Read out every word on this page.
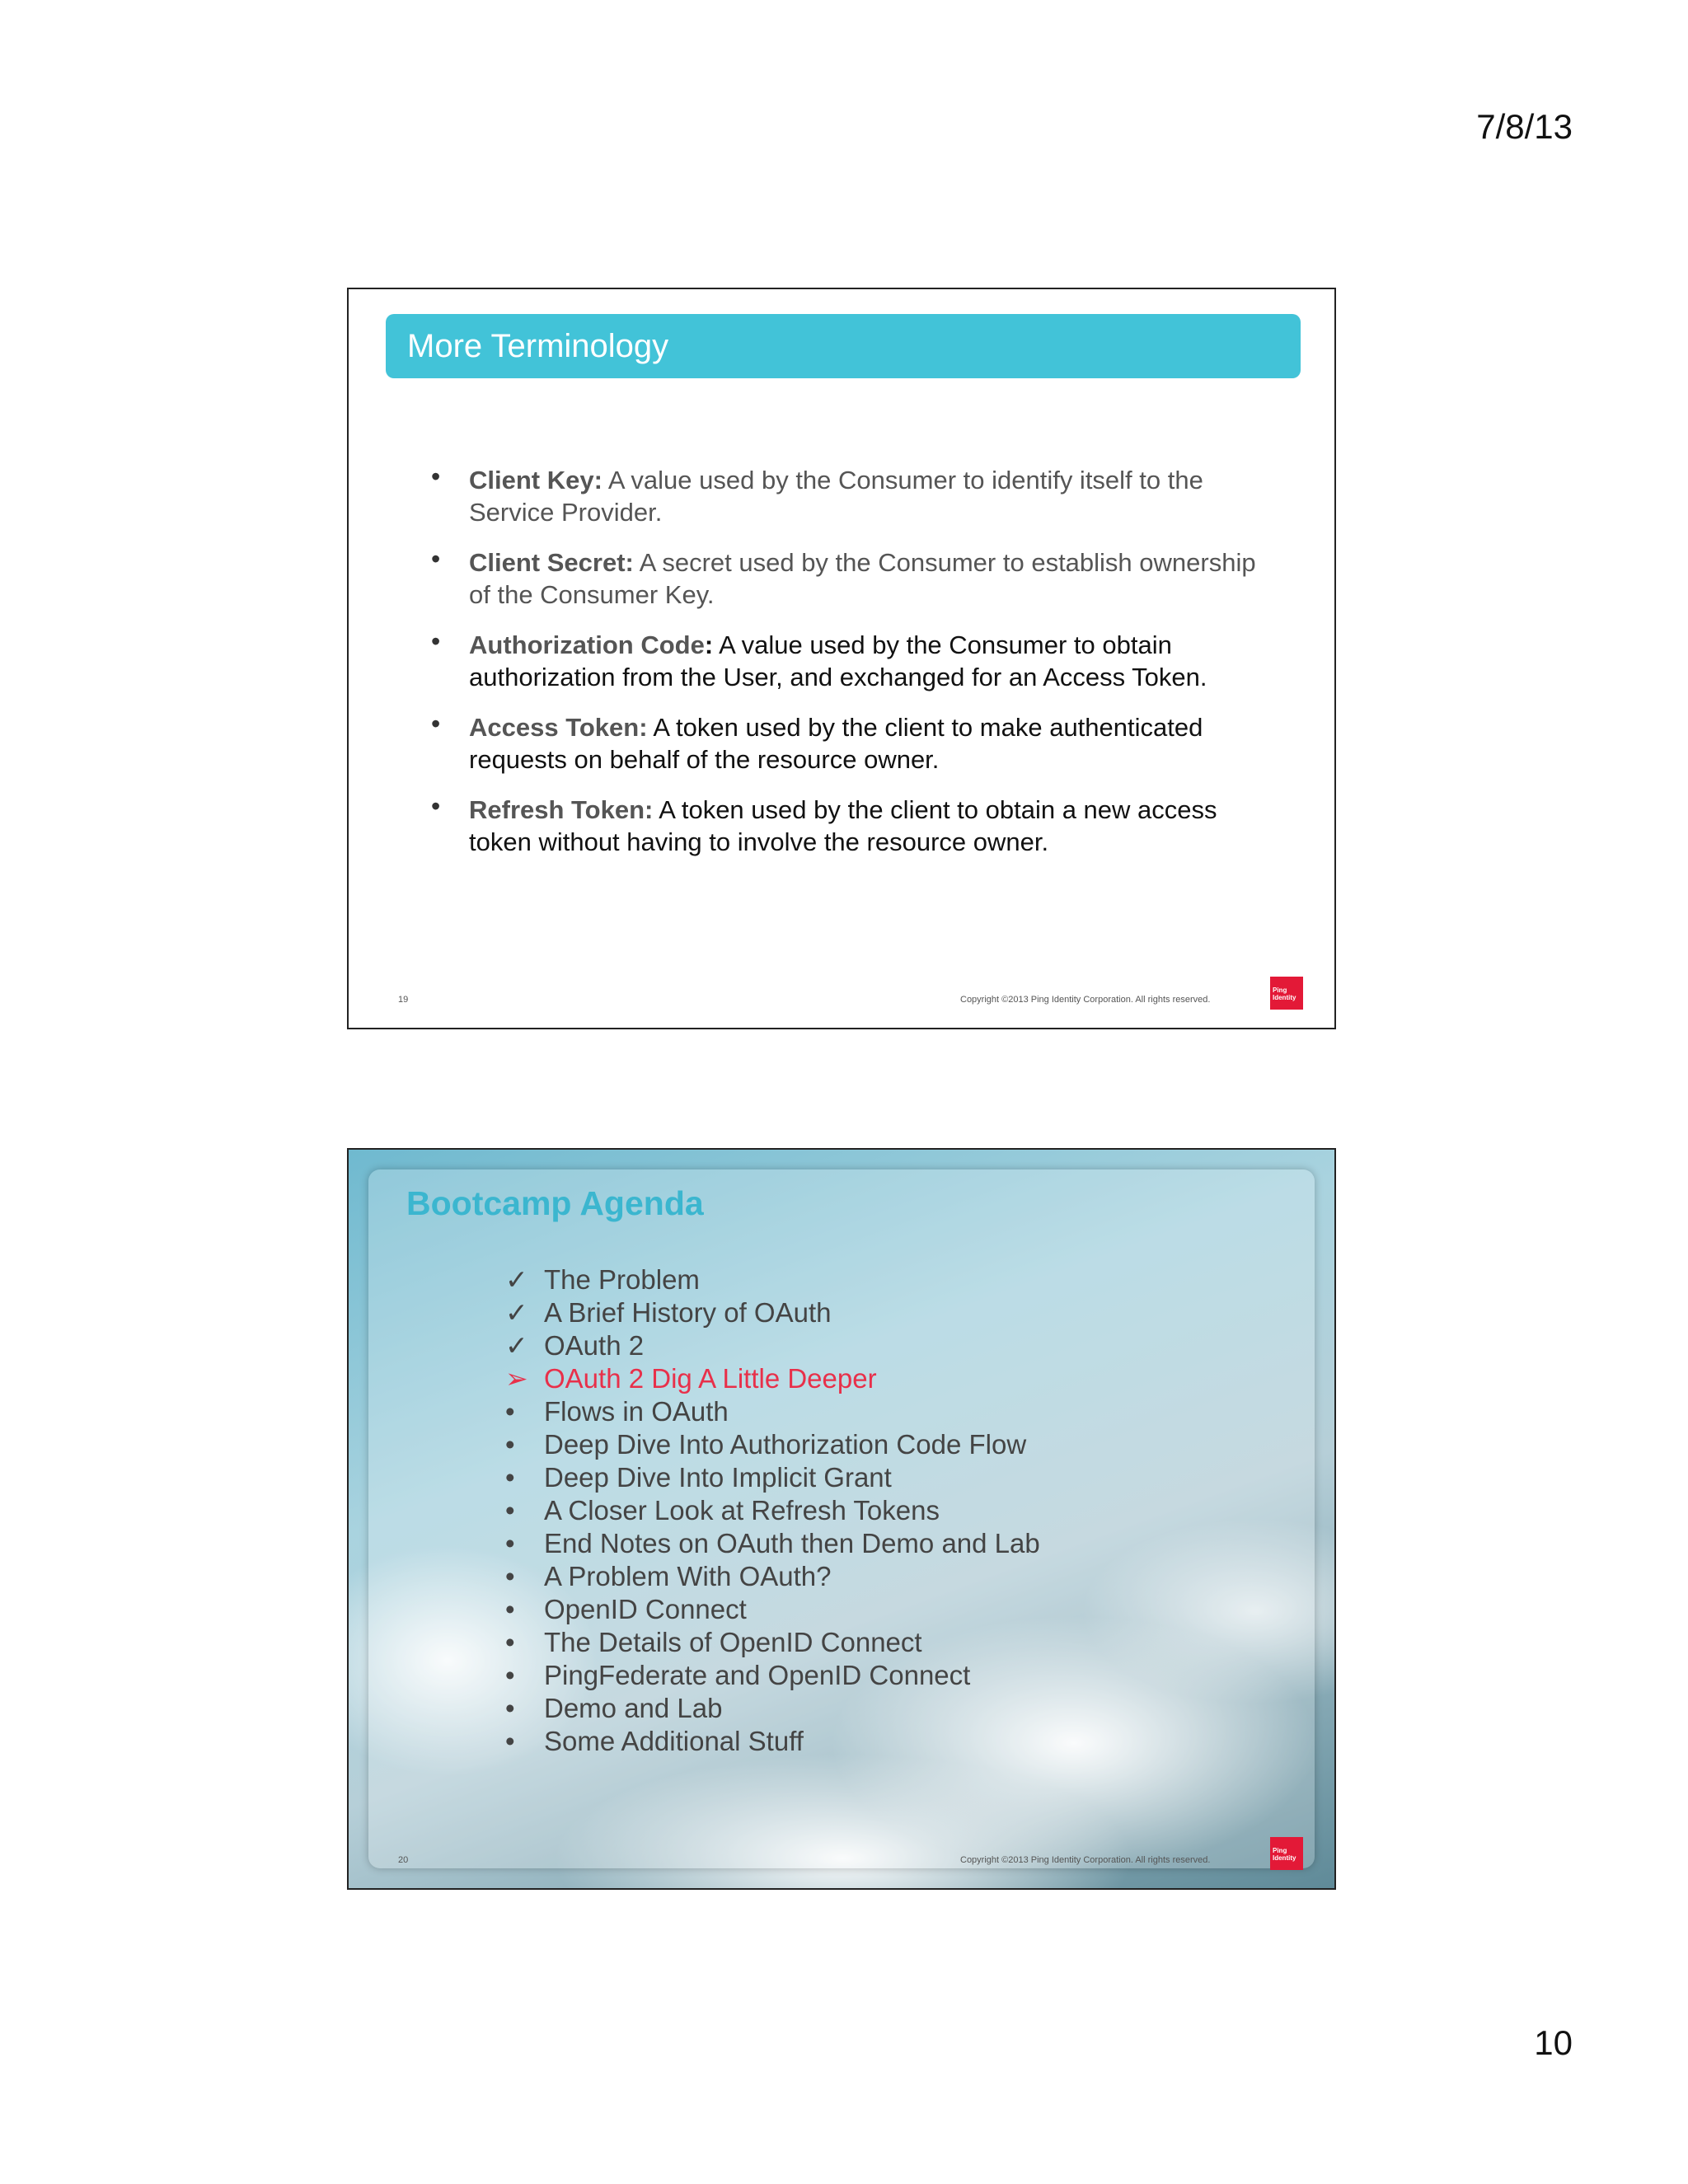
7/8/13
More Terminology
• Client Key: A value used by the Consumer to identify itself to the Service Provider.
• Client Secret: A secret used by the Consumer to establish ownership of the Consumer Key.
• Authorization Code: A value used by the Consumer to obtain authorization from the User, and exchanged for an Access Token.
• Access Token: A token used by the client to make authenticated requests on behalf of the resource owner.
• Refresh Token: A token used by the client to obtain a new access token without having to involve the resource owner.
19	Copyright ©2013 Ping Identity Corporation. All rights reserved.
Ping
Identity
Bootcamp Agenda
✓ The Problem
✓ A Brief History of OAuth
✓ OAuth 2
➢ OAuth 2 Dig A Little Deeper
•	Flows in OAuth
•	Deep Dive Into Authorization Code Flow
•	Deep Dive Into Implicit Grant
•	A Closer Look at Refresh Tokens
•	End Notes on OAuth then Demo and Lab
•	A Problem With OAuth?
•	OpenID Connect
•	The Details of OpenID Connect
•	PingFederate and OpenID Connect
•	Demo and Lab
•	Some Additional Stuff
20	Copyright ©2013 Ping Identity Corporation. All rights reserved.
Ping
Identity
10
